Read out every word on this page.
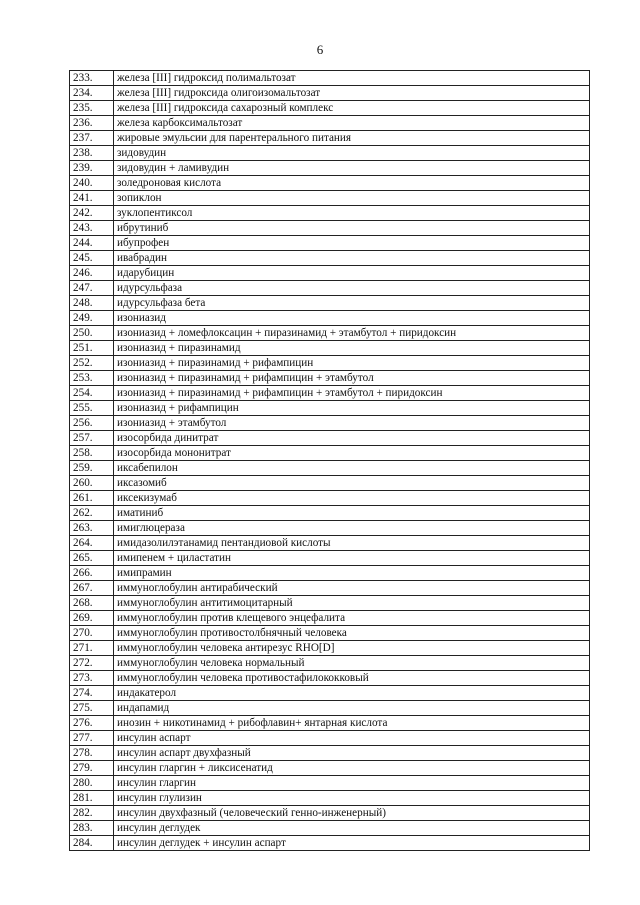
6
233.	железа [III] гидроксид полимальтозат
234.	железа [III] гидроксида олигоизомальтозат
235.	железа [III] гидроксида сахарозный комплекс
236.	железа карбоксимальтозат
237.	жировые эмульсии для парентерального питания
238.	зидовудин
239.	зидовудин + ламивудин
240.	золедроновая кислота
241.	зопиклон
242.	зуклопентиксол
243.	ибрутиниб
244.	ибупрофен
245.	ивабрадин
246.	идарубицин
247.	идурсульфаза
248.	идурсульфаза бета
249.	изониазид
250.	изониазид + ломефлоксацин + пиразинамид + этамбутол + пиридоксин
251.	изониазид + пиразинамид
252.	изониазид + пиразинамид + рифампицин
253.	изониазид + пиразинамид + рифампицин + этамбутол
254.	изониазид + пиразинамид + рифампицин + этамбутол + пиридоксин
255.	изониазид + рифампицин
256.	изониазид + этамбутол
257.	изосорбида динитрат
258.	изосорбида мононитрат
259.	иксабепилон
260.	иксазомиб
261.	иксекизумаб
262.	иматиниб
263.	имиглюцераза
264.	имидазолилэтанамид пентандиовой кислоты
265.	имипенем + циластатин
266.	имипрамин
267.	иммуноглобулин антирабический
268.	иммуноглобулин антитимоцитарный
269.	иммуноглобулин против клещевого энцефалита
270.	иммуноглобулин противостолбнячный человека
271.	иммуноглобулин человека антирезус RHO[D]
272.	иммуноглобулин человека нормальный
273.	иммуноглобулин человека противостафилококковый
274.	индакатерол
275.	индапамид
276.	инозин + никотинамид + рибофлавин+ янтарная кислота
277.	инсулин аспарт
278.	инсулин аспарт двухфазный
279.	инсулин гларгин + ликсисенатид
280.	инсулин гларгин
281.	инсулин глулизин
282.	инсулин двухфазный (человеческий генно-инженерный)
283.	инсулин деглудек
284.	инсулин деглудек + инсулин аспарт
